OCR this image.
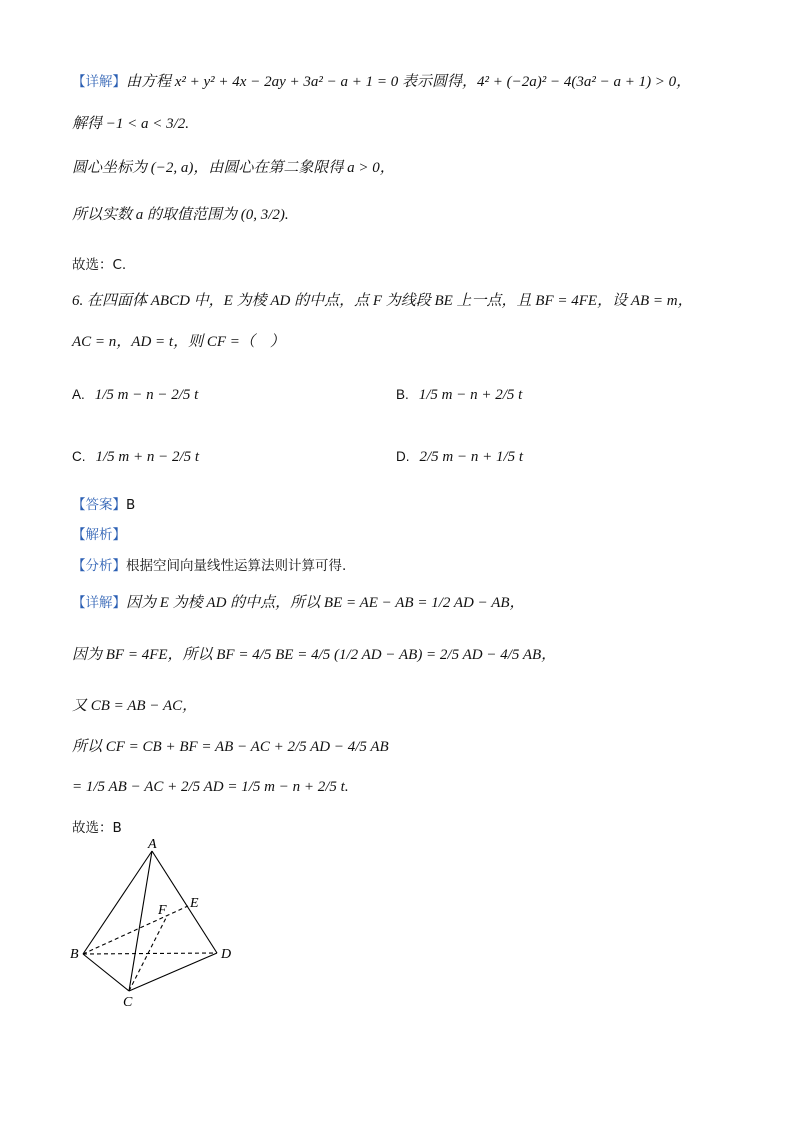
【详解】由方程 x² + y² + 4x − 2ay + 3a² − a + 1 = 0 表示圆得，4² + (−2a)² − 4(3a² − a + 1) > 0，
解得 −1 < a < 3/2.
圆心坐标为 (−2, a)，由圆心在第二象限得 a > 0，
所以实数 a 的取值范围为 (0, 3/2).
故选：C.
6. 在四面体 ABCD 中，E 为棱 AD 的中点，点 F 为线段 BE 上一点，且 BF = 4FE，设 AB = m，
AC = n，AD = t，则 CF =（　）
A. 1/5 m − n − 2/5 t	B. 1/5 m − n + 2/5 t
C. 1/5 m + n − 2/5 t	D. 2/5 m − n + 1/5 t
【答案】B
【解析】
【分析】根据空间向量线性运算法则计算可得.
【详解】因为 E 为棱 AD 的中点，所以 BE = AE − AB = 1/2 AD − AB，
因为 BF = 4FE，所以 BF = 4/5 BE = 4/5 (1/2 AD − AB) = 2/5 AD − 4/5 AB，
又 CB = AB − AC，
所以 CF = CB + BF = AB − AC + 2/5 AD − 4/5 AB
= 1/5 AB − AC + 2/5 AD = 1/5 m − n + 2/5 t.
故选：B
A
B
C
D
E
F
